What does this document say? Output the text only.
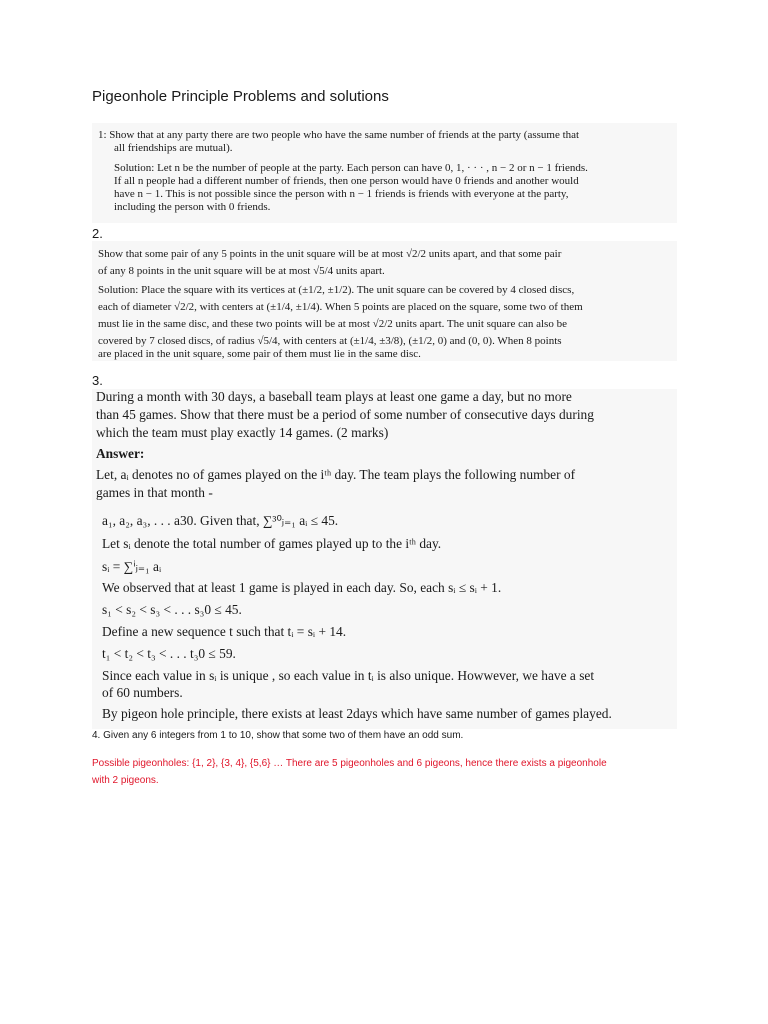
Pigeonhole Principle Problems and solutions
1: Show that at any party there are two people who have the same number of friends at the party (assume that
all friendships are mutual).
Solution: Let n be the number of people at the party. Each person can have 0, 1, · · · , n − 2 or n − 1 friends.
If all n people had a different number of friends, then one person would have 0 friends and another would
have n − 1. This is not possible since the person with n − 1 friends is friends with everyone at the party,
including the person with 0 friends.
2.
Show that some pair of any 5 points in the unit square will be at most √2/2 units apart, and that some pair
of any 8 points in the unit square will be at most √5/4 units apart.
Solution: Place the square with its vertices at (±1/2, ±1/2). The unit square can be covered by 4 closed discs,
each of diameter √2/2, with centers at (±1/4, ±1/4). When 5 points are placed on the square, some two of them
must lie in the same disc, and these two points will be at most √2/2 units apart. The unit square can also be
covered by 7 closed discs, of radius √5/4, with centers at (±1/4, ±3/8), (±1/2, 0) and (0, 0). When 8 points
are placed in the unit square, some pair of them must lie in the same disc.
3.
During a month with 30 days, a baseball team plays at least one game a day, but no more
than 45 games. Show that there must be a period of some number of consecutive days during
which the team must play exactly 14 games. (2 marks)
Answer:
Let, aᵢ denotes no of games played on the iᵗʰ day. The team plays the following number of
games in that month -
a₁, a₂, a₃, . . . a30. Given that, ∑³⁰ⱼ₌₁ aᵢ ≤ 45.
Let sᵢ denote the total number of games played up to the iᵗʰ day.
sᵢ = ∑ⁱⱼ₌₁ aᵢ
We observed that at least 1 game is played in each day. So, each sᵢ ≤ sᵢ + 1.
s₁ < s₂ < s₃ < . . . s₃0 ≤ 45.
Define a new sequence t such that tᵢ = sᵢ + 14.
t₁ < t₂ < t₃ < . . . t₃0 ≤ 59.
Since each value in sᵢ is unique , so each value in tᵢ is also unique. Howwever, we have a set
of 60 numbers.
By pigeon hole principle, there exists at least 2days which have same number of games played.
4. Given any 6 integers from 1 to 10, show that some two of them have an odd sum.
Possible pigeonholes: {1, 2}, {3, 4}, {5,6} … There are 5 pigeonholes and 6 pigeons, hence there exists a pigeonhole
with 2 pigeons.
